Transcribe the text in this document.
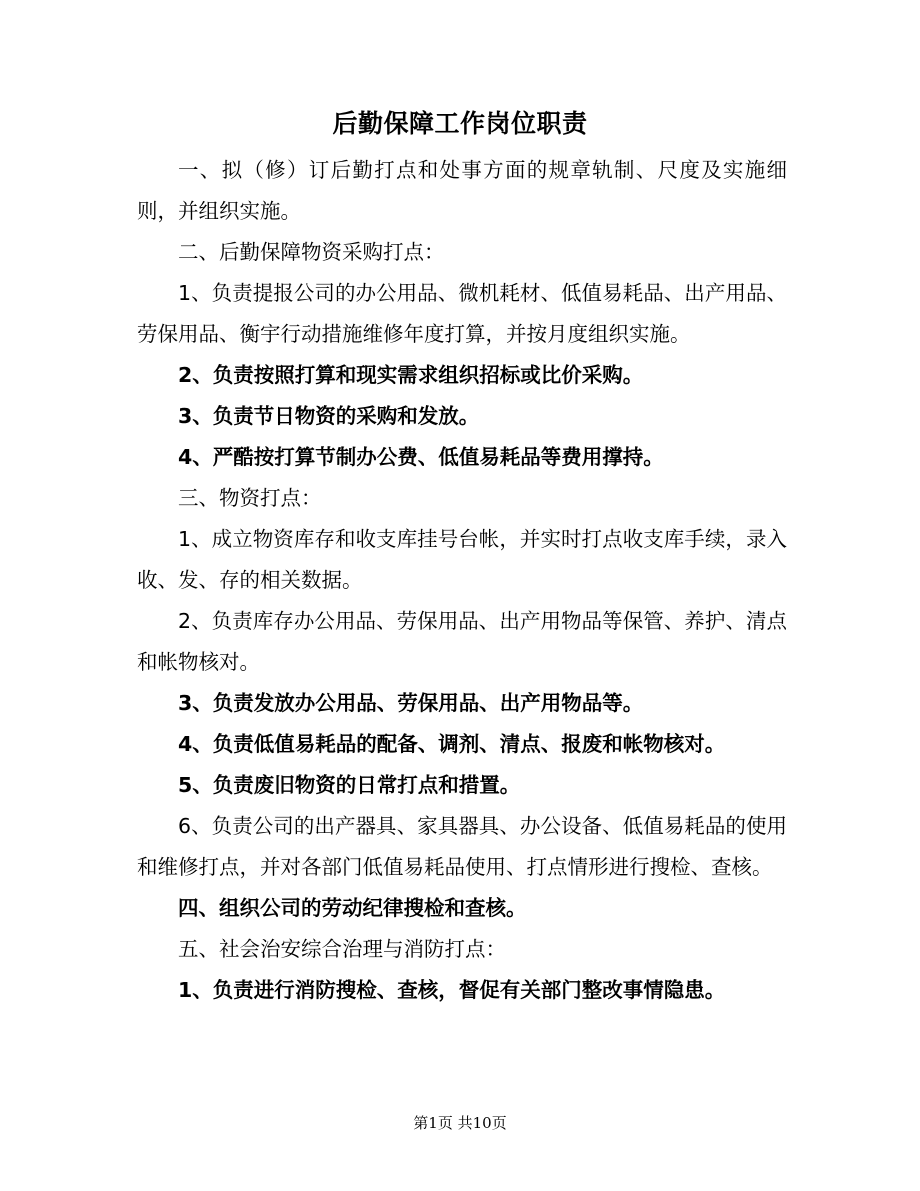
后勤保障工作岗位职责

一、拟（修）订后勤打点和处事方面的规章轨制、尺度及实施细则，并组织实施。

二、后勤保障物资采购打点：

1、负责提报公司的办公用品、微机耗材、低值易耗品、出产用品、劳保用品、衡宇行动措施维修年度打算，并按月度组织实施。

2、负责按照打算和现实需求组织招标或比价采购。

3、负责节日物资的采购和发放。

4、严酷按打算节制办公费、低值易耗品等费用撑持。

三、物资打点：

1、成立物资库存和收支库挂号台帐，并实时打点收支库手续，录入收、发、存的相关数据。

2、负责库存办公用品、劳保用品、出产用物品等保管、养护、清点和帐物核对。

3、负责发放办公用品、劳保用品、出产用物品等。

4、负责低值易耗品的配备、调剂、清点、报废和帐物核对。

5、负责废旧物资的日常打点和措置。

6、负责公司的出产器具、家具器具、办公设备、低值易耗品的使用和维修打点，并对各部门低值易耗品使用、打点情形进行搜检、查核。

四、组织公司的劳动纪律搜检和查核。

五、社会治安综合治理与消防打点：

1、负责进行消防搜检、查核，督促有关部门整改事情隐患。

第1页 共10页
